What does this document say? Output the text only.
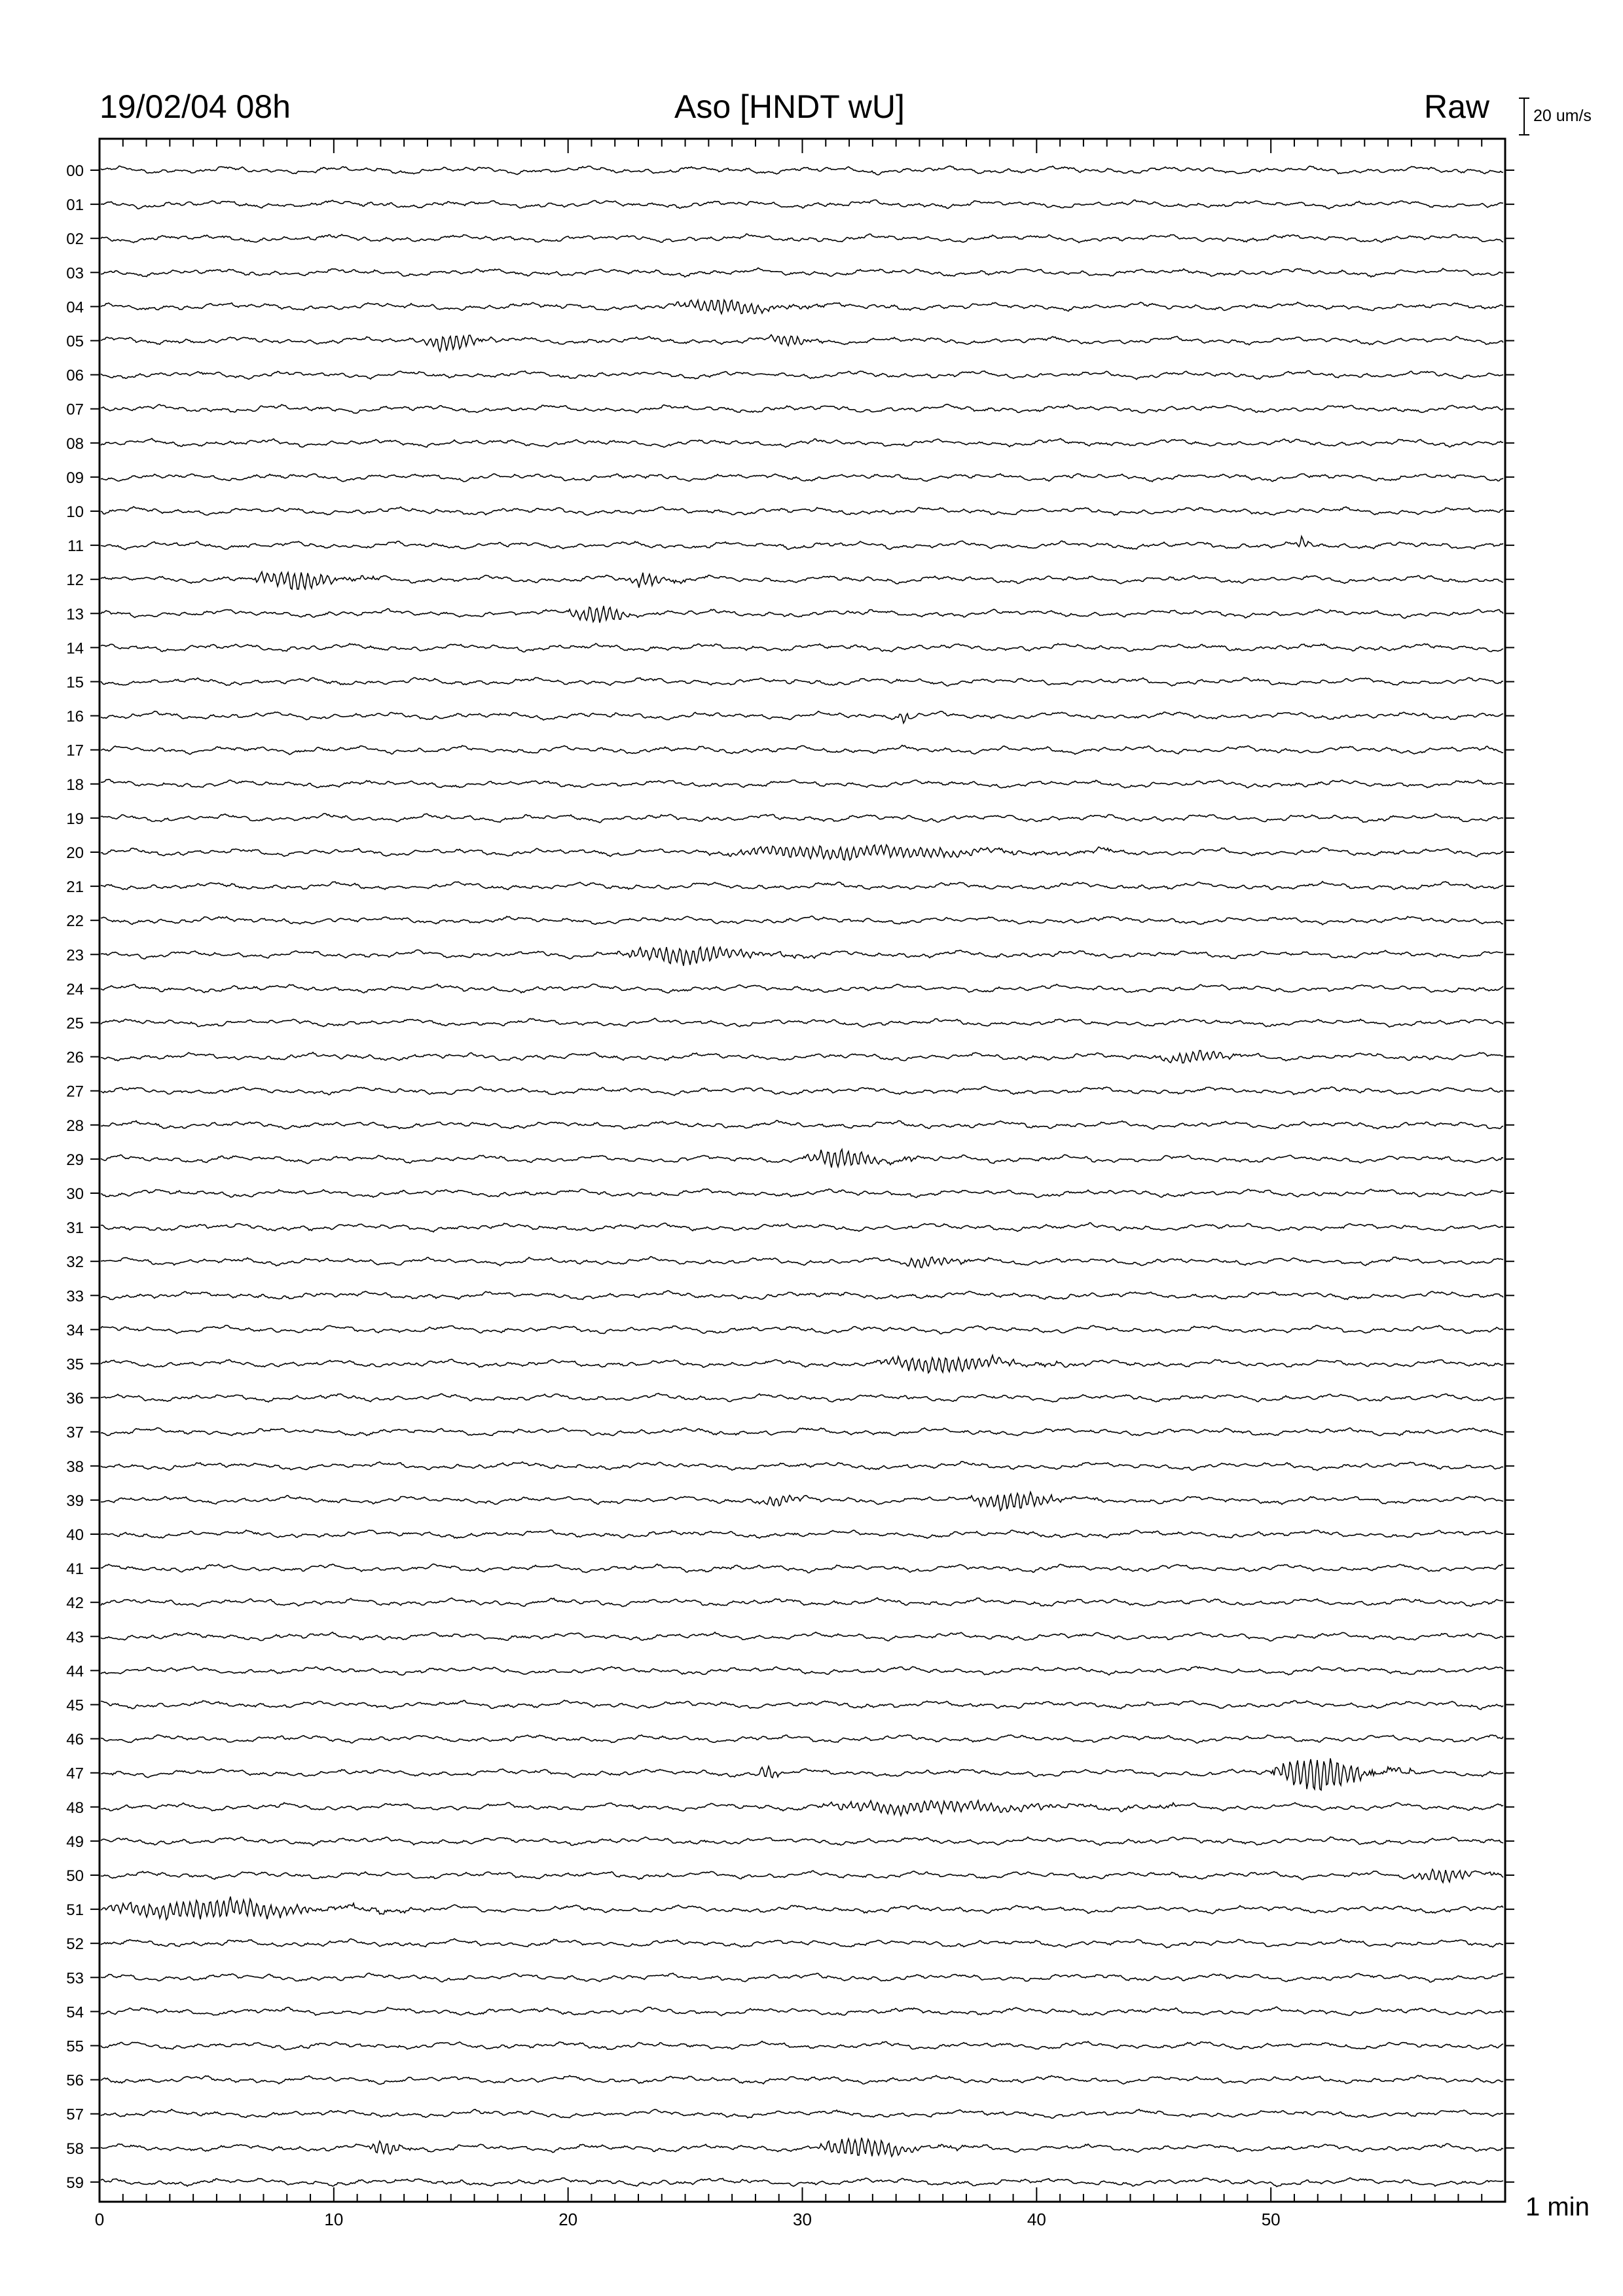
19/02/04 08h	Aso [HNDT wU]	Raw	20 um/s
1 min
00
01
02
03
04
05
06
07
08
09
10
11
12
13
14
15
16
17
18
19
20
21
22
23
24
25
26
27
28
29
30
31
32
33
34
35
36
37
38
39
40
41
42
43
44
45
46
47
48
49
50
51
52
53
54
55
56
57
58
59
0	10	20	30	40	50
